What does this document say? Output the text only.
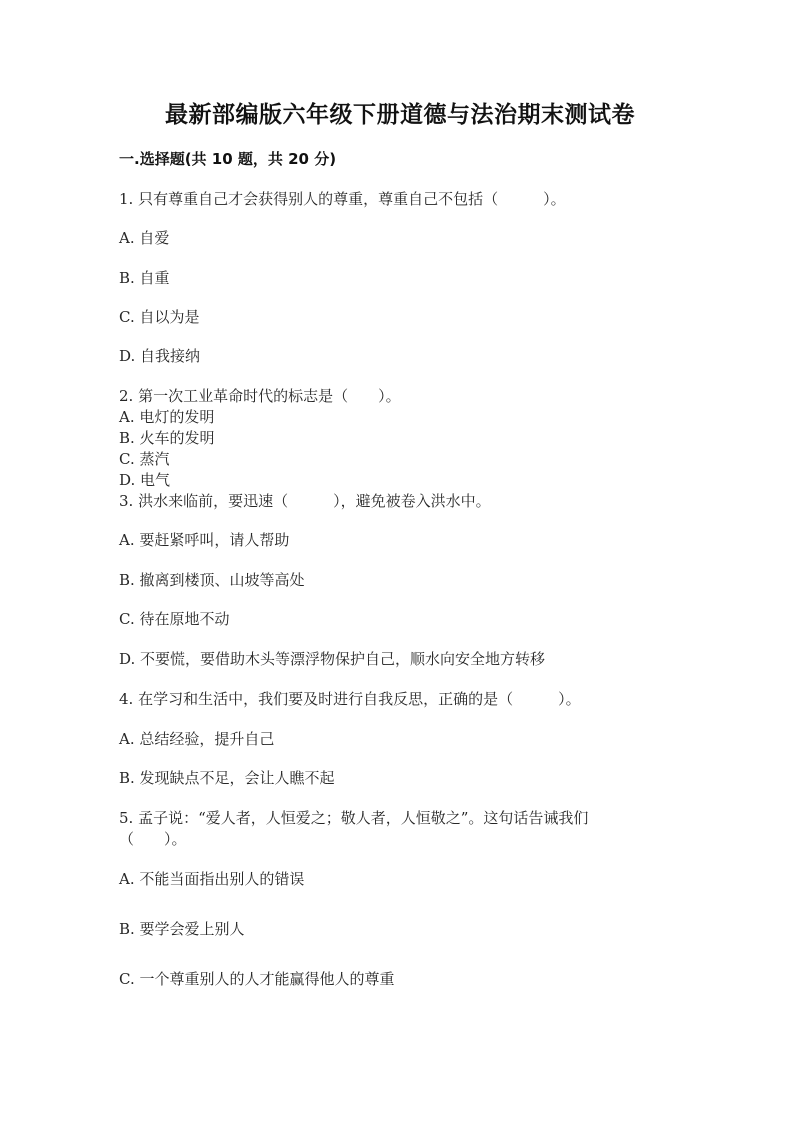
最新部编版六年级下册道德与法治期末测试卷
一.选择题(共 10 题，共 20 分)
1. 只有尊重自己才会获得别人的尊重，尊重自己不包括（　　　）。
A. 自爱
B. 自重
C. 自以为是
D. 自我接纳
2. 第一次工业革命时代的标志是（　　）。
A. 电灯的发明
B. 火车的发明
C. 蒸汽
D. 电气
3. 洪水来临前，要迅速（　　　），避免被卷入洪水中。
A. 要赶紧呼叫，请人帮助
B. 撤离到楼顶、山坡等高处
C. 待在原地不动
D. 不要慌，要借助木头等漂浮物保护自己，顺水向安全地方转移
4. 在学习和生活中，我们要及时进行自我反思，正确的是（　　　）。
A. 总结经验，提升自己
B. 发现缺点不足，会让人瞧不起
5. 孟子说：“爱人者，人恒爱之；敬人者，人恒敬之”。这句话告诫我们
（　　）。
A. 不能当面指出别人的错误
B. 要学会爱上别人
C. 一个尊重别人的人才能赢得他人的尊重
